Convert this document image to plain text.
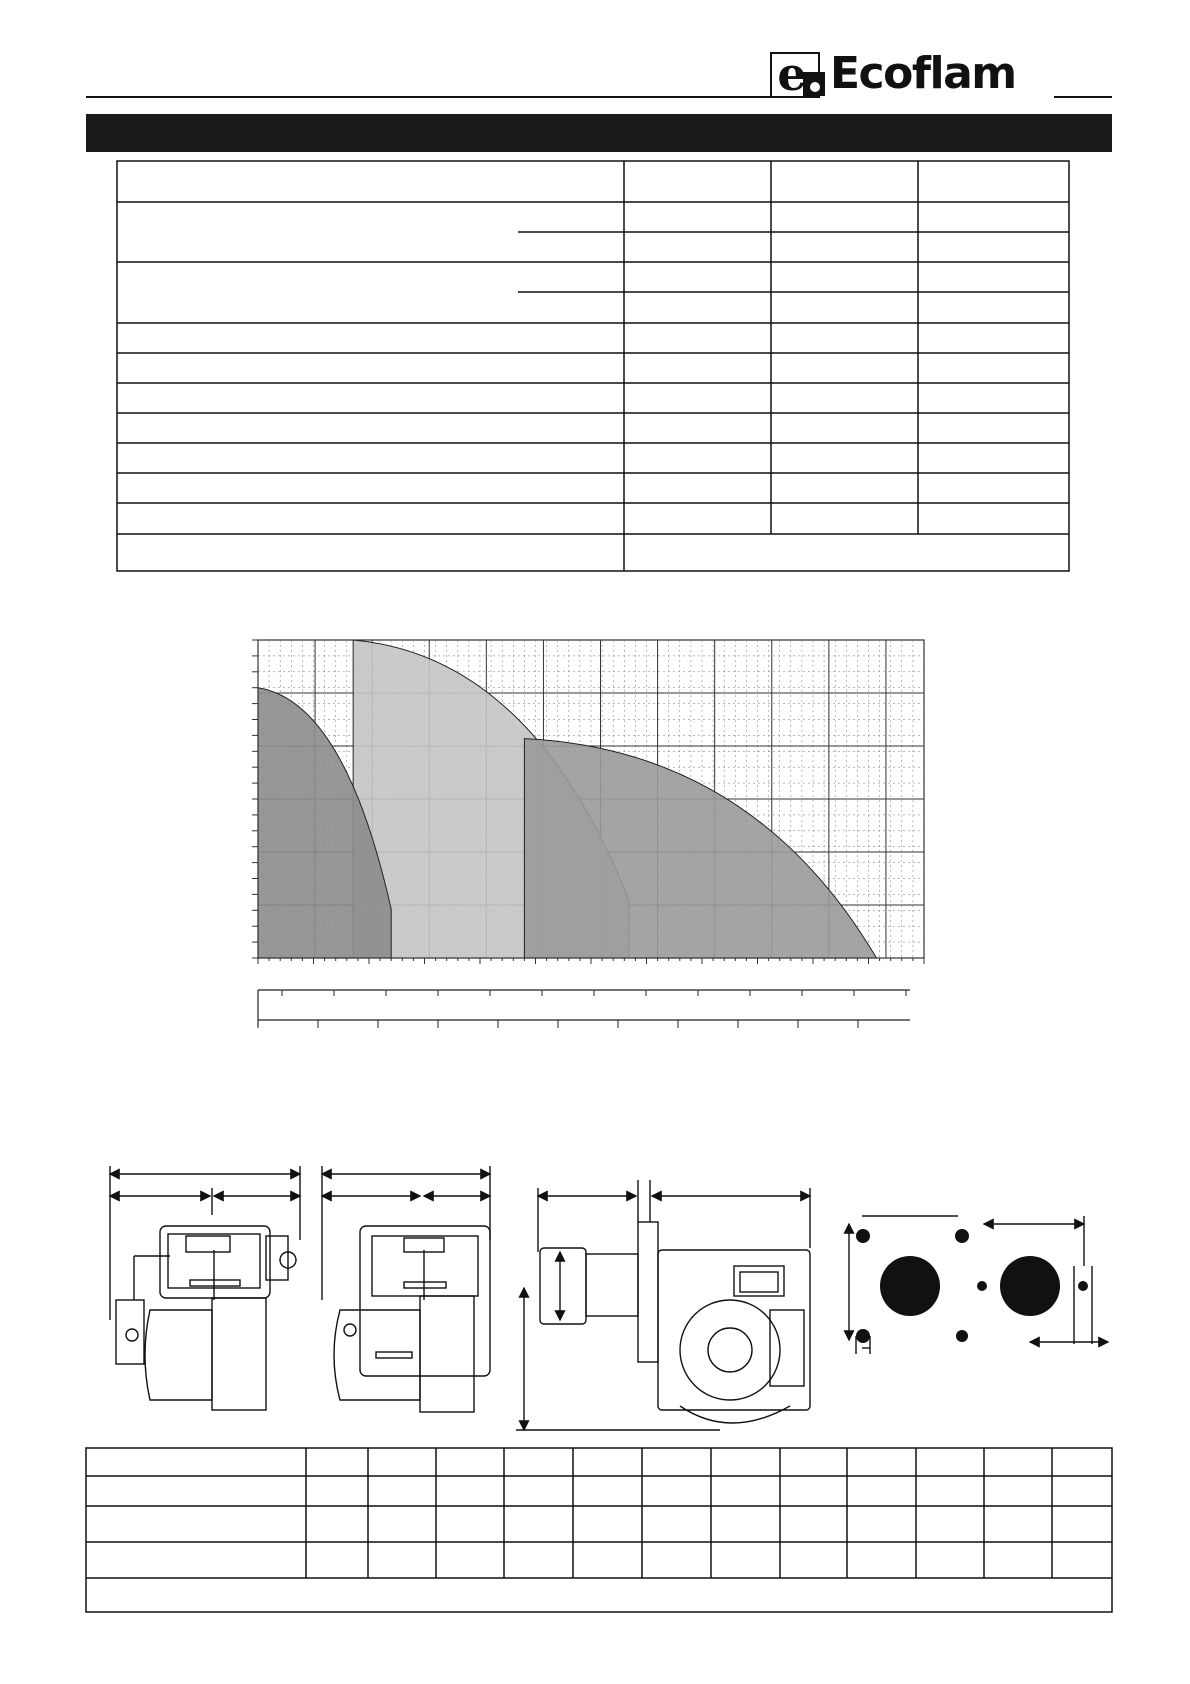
e Ecoflam
